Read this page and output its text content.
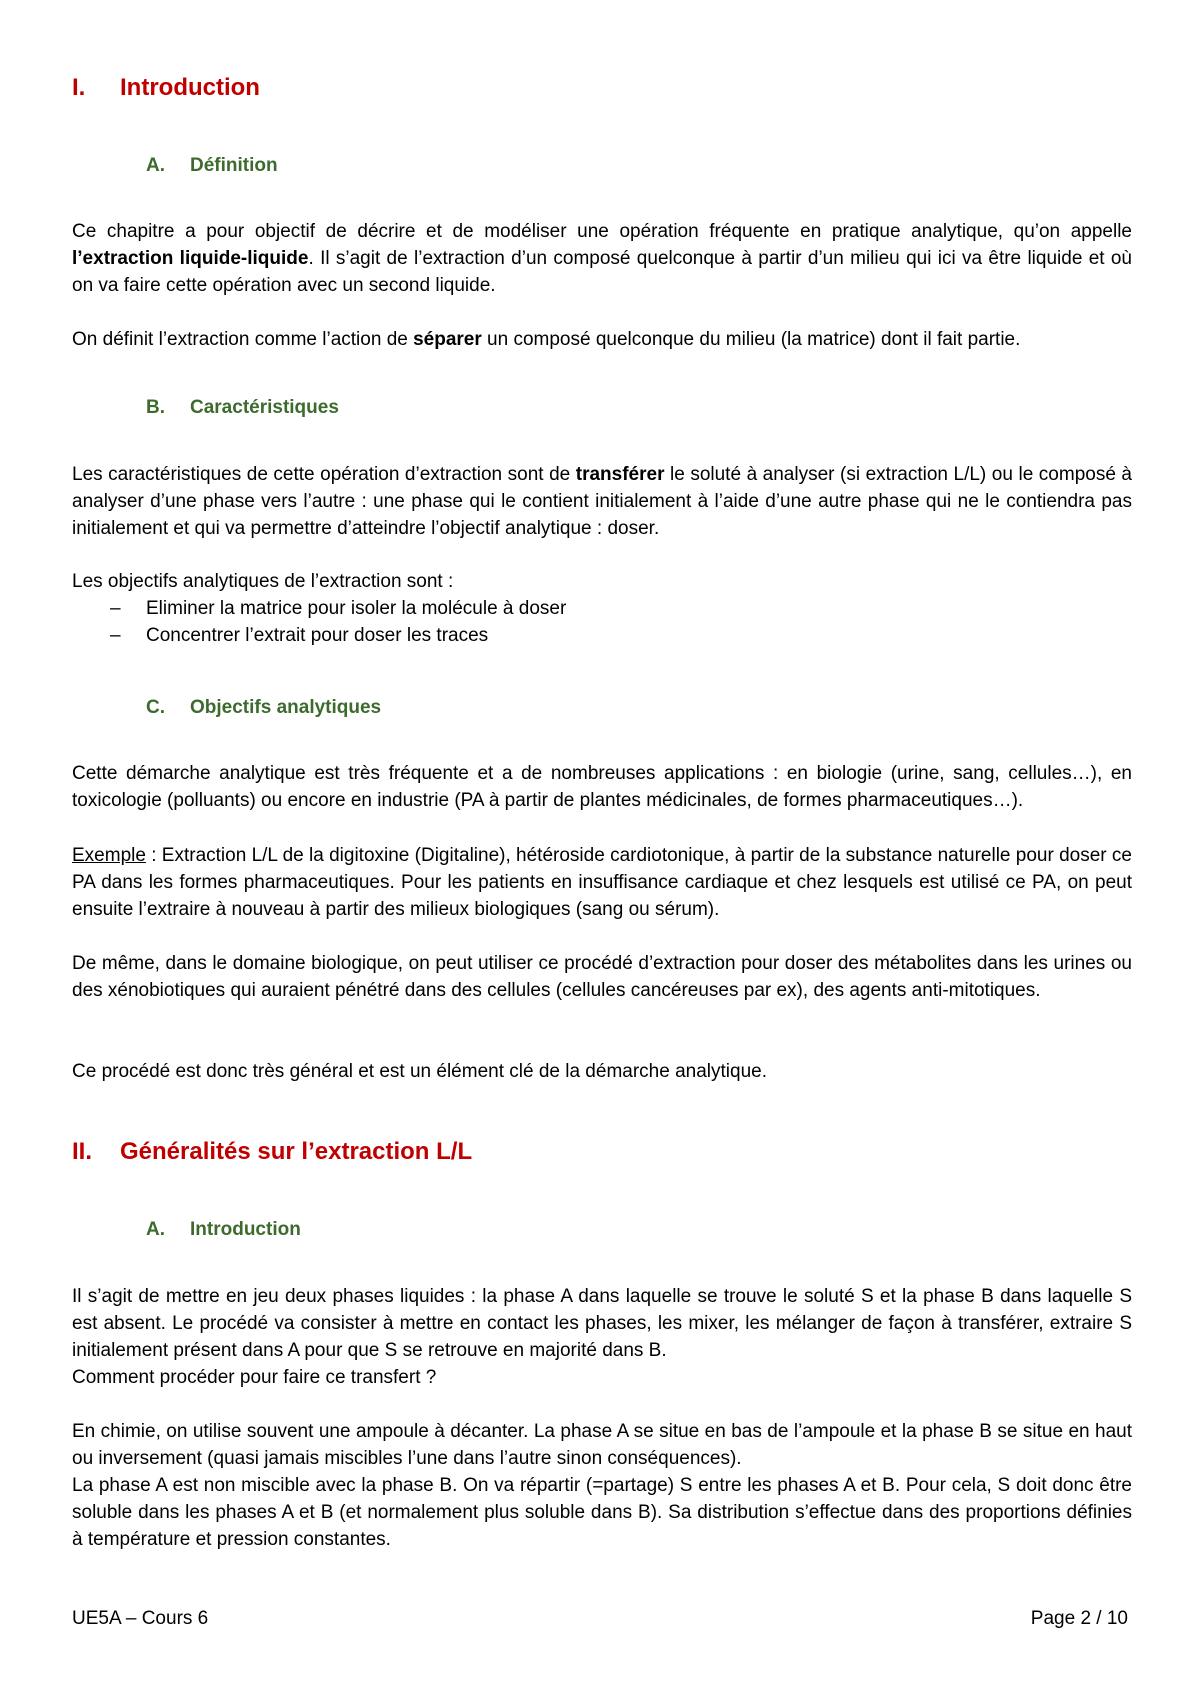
I. Introduction
A. Définition
Ce chapitre a pour objectif de décrire et de modéliser une opération fréquente en pratique analytique, qu’on appelle l’extraction liquide-liquide. Il s’agit de l’extraction d’un composé quelconque à partir d’un milieu qui ici va être liquide et où on va faire cette opération avec un second liquide.
On définit l’extraction comme l’action de séparer un composé quelconque du milieu (la matrice) dont il fait partie.
B. Caractéristiques
Les caractéristiques de cette opération d’extraction sont de transférer le soluté à analyser (si extraction L/L) ou le composé à analyser d’une phase vers l’autre : une phase qui le contient initialement à l’aide d’une autre phase qui ne le contiendra pas initialement et qui va permettre d’atteindre l’objectif analytique : doser.
Les objectifs analytiques de l’extraction sont :
– Eliminer la matrice pour isoler la molécule à doser
– Concentrer l’extrait pour doser les traces
C. Objectifs analytiques
Cette démarche analytique est très fréquente et a de nombreuses applications : en biologie (urine, sang, cellules…), en toxicologie (polluants) ou encore en industrie (PA à partir de plantes médicinales, de formes pharmaceutiques…).
Exemple : Extraction L/L de la digitoxine (Digitaline), hétéroside cardiotonique, à partir de la substance naturelle pour doser ce PA dans les formes pharmaceutiques. Pour les patients en insuffisance cardiaque et chez lesquels est utilisé ce PA, on peut ensuite l’extraire à nouveau à partir des milieux biologiques (sang ou sérum).
De même, dans le domaine biologique, on peut utiliser ce procédé d’extraction pour doser des métabolites dans les urines ou des xénobiotiques qui auraient pénétré dans des cellules (cellules cancéreuses par ex), des agents anti-mitotiques.
Ce procédé est donc très général et est un élément clé de la démarche analytique.
II. Généralités sur l’extraction L/L
A. Introduction
Il s’agit de mettre en jeu deux phases liquides : la phase A dans laquelle se trouve le soluté S et la phase B dans laquelle S est absent. Le procédé va consister à mettre en contact les phases, les mixer, les mélanger de façon à transférer, extraire S initialement présent dans A pour que S se retrouve en majorité dans B.
Comment procéder pour faire ce transfert ?
En chimie, on utilise souvent une ampoule à décanter. La phase A se situe en bas de l’ampoule et la phase B se situe en haut ou inversement (quasi jamais miscibles l’une dans l’autre sinon conséquences).
La phase A est non miscible avec la phase B. On va répartir (=partage) S entre les phases A et B. Pour cela, S doit donc être soluble dans les phases A et B (et normalement plus soluble dans B). Sa distribution s’effectue dans des proportions définies à température et pression constantes.
UE5A – Cours 6	Page 2 / 10
